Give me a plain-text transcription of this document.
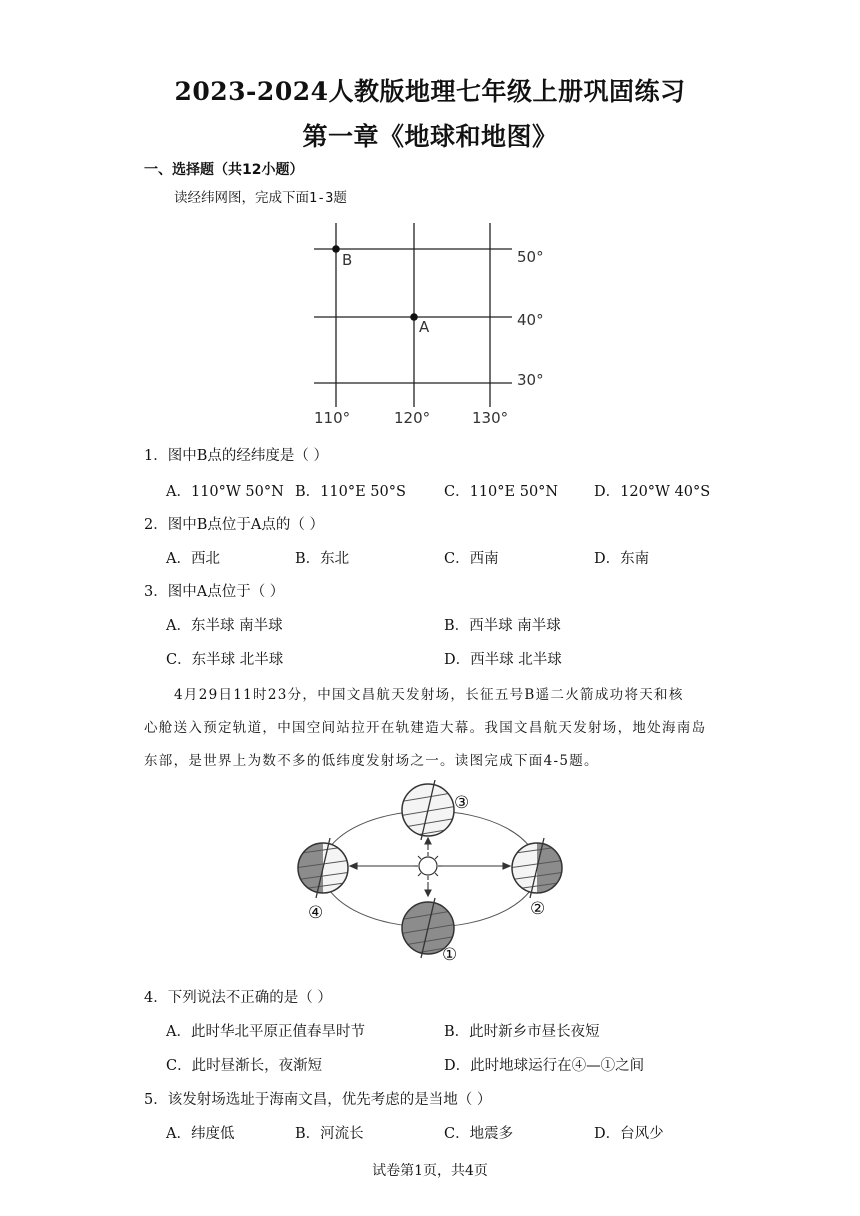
2023-2024人教版地理七年级上册巩固练习
第一章《地球和地图》
一、选择题（共12小题）
读经纬网图，完成下面1-3题
B
A
50°
40°
30°
110°	120°	130°
1．图中B点的经纬度是（ ）
A．110°W 50°N B．110°E 50°S	C．110°E 50°N D．120°W 40°S
2．图中B点位于A点的（ ）
A．西北	B．东北	C．西南	D．东南
3．图中A点位于（ ）
A．东半球 南半球	B．西半球 南半球
C．东半球 北半球	D．西半球 北半球
4月29日11时23分，中国文昌航天发射场，长征五号B遥二火箭成功将天和核
心舱送入预定轨道，中国空间站拉开在轨建造大幕。我国文昌航天发射场，地处海南岛
东部，是世界上为数不多的低纬度发射场之一。读图完成下面4-5题。
③
②
①
④
4．下列说法不正确的是（ ）
A．此时华北平原正值春旱时节	B．此时新乡市昼长夜短
C．此时昼渐长，夜渐短	D．此时地球运行在④—①之间
5．该发射场选址于海南文昌，优先考虑的是当地（ ）
A．纬度低	B．河流长	C．地震多	D．台风少
试卷第1页，共4页
